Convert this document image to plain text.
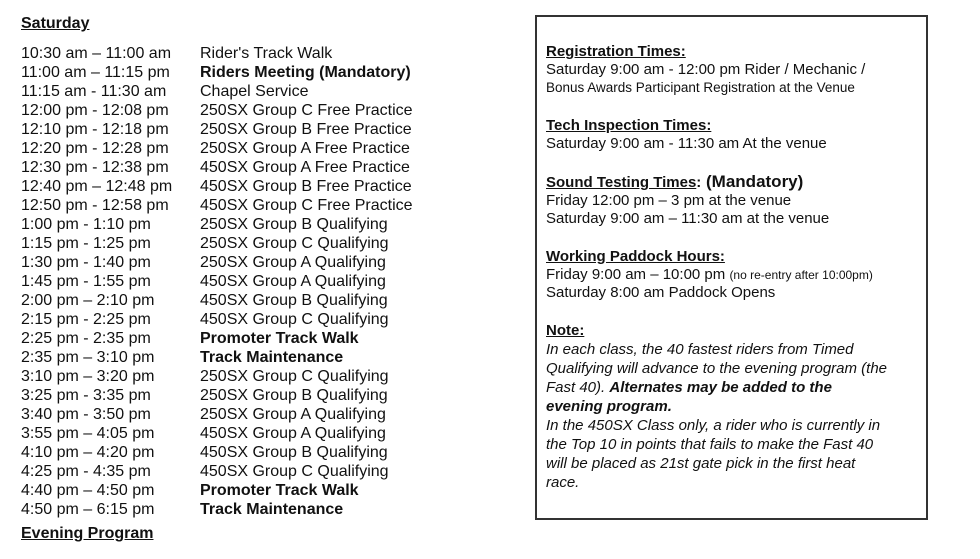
Saturday
10:30 am – 11:00 am	Rider's Track Walk
11:00 am – 11:15 pm	Riders Meeting (Mandatory)
11:15 am - 11:30 am	Chapel Service
12:00 pm - 12:08 pm	250SX Group C Free Practice
12:10 pm - 12:18 pm	250SX Group B Free Practice
12:20 pm - 12:28 pm	250SX Group A Free Practice
12:30 pm - 12:38 pm	450SX Group A Free Practice
12:40 pm – 12:48 pm	450SX Group B Free Practice
12:50 pm - 12:58 pm	450SX Group C Free Practice
1:00 pm - 1:10 pm	250SX Group B Qualifying
1:15 pm - 1:25 pm	250SX Group C Qualifying
1:30 pm - 1:40 pm	250SX Group A Qualifying
1:45 pm - 1:55 pm	450SX Group A Qualifying
2:00 pm – 2:10 pm	450SX Group B Qualifying
2:15 pm - 2:25 pm	450SX Group C Qualifying
2:25 pm - 2:35 pm	Promoter Track Walk
2:35 pm – 3:10 pm	Track Maintenance
3:10 pm – 3:20 pm	250SX Group C Qualifying
3:25 pm - 3:35 pm	250SX Group B Qualifying
3:40 pm - 3:50 pm	250SX Group A Qualifying
3:55 pm – 4:05 pm	450SX Group A Qualifying
4:10 pm – 4:20 pm	450SX Group B Qualifying
4:25 pm - 4:35 pm	450SX Group C Qualifying
4:40 pm – 4:50 pm	Promoter Track Walk
4:50 pm – 6:15 pm	Track Maintenance
Evening Program
Registration Times:
Saturday 9:00 am - 12:00 pm Rider / Mechanic /
Bonus Awards Participant Registration at the Venue
Tech Inspection Times:
Saturday 9:00 am - 11:30 am At the venue
Sound Testing Times: (Mandatory)
Friday 12:00 pm – 3 pm at the venue
Saturday 9:00 am – 11:30 am at the venue
Working Paddock Hours:
Friday 9:00 am – 10:00 pm (no re-entry after 10:00pm)
Saturday 8:00 am Paddock Opens
Note:
In each class, the 40 fastest riders from Timed
Qualifying will advance to the evening program (the
Fast 40). Alternates may be added to the
evening program.
In the 450SX Class only, a rider who is currently in
the Top 10 in points that fails to make the Fast 40
will be placed as 21st gate pick in the first heat
race.
